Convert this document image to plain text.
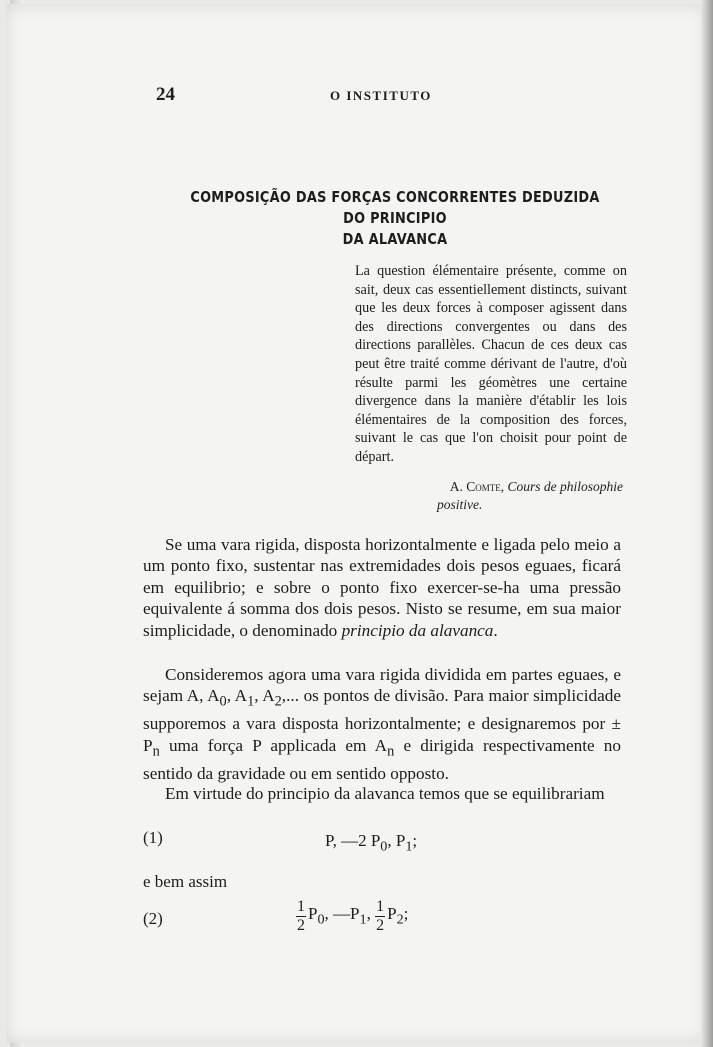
24	O INSTITUTO
COMPOSIÇÃO DAS FORÇAS CONCORRENTES DEDUZIDA DO PRINCIPIO
DA ALAVANCA
La question élémentaire présente, comme on sait, deux cas essentiellement distincts, suivant que les deux forces à composer agissent dans des directions convergentes ou dans des directions parallèles. Chacun de ces deux cas peut être traité comme dérivant de l'autre, d'où résulte parmi les géomètres une certaine divergence dans la manière d'établir les lois élémentaires de la composition des forces, suivant le cas que l'on choisit pour point de départ.
A. Comte, Cours de philosophie
positive.
Se uma vara rigida, disposta horizontalmente e ligada pelo meio a um ponto fixo, sustentar nas extremidades dois pesos eguaes, ficará em equilibrio; e sobre o ponto fixo exercer-se-ha uma pressão equivalente á somma dos dois pesos. Nisto se resume, em sua maior simplicidade, o denominado principio da alavanca.
Consideremos agora uma vara rigida dividida em partes eguaes, e sejam A, $A_0$, $A_1$, $A_2$,... os pontos de divisão. Para maior simplicidade supporemos a vara disposta horizontalmente; e designaremos por ± $P_n$ uma força P applicada em $A_n$ e dirigida respectivamente no sentido da gravidade ou em sentido opposto.
Em virtude do principio da alavanca temos que se equilibrariam
(1)	P, —2 $P_0$, $P_1$;
e bem assim
(2)	$\frac{1}{2} P_0$, $—P_1$, $\frac{1}{2} P_2$;
